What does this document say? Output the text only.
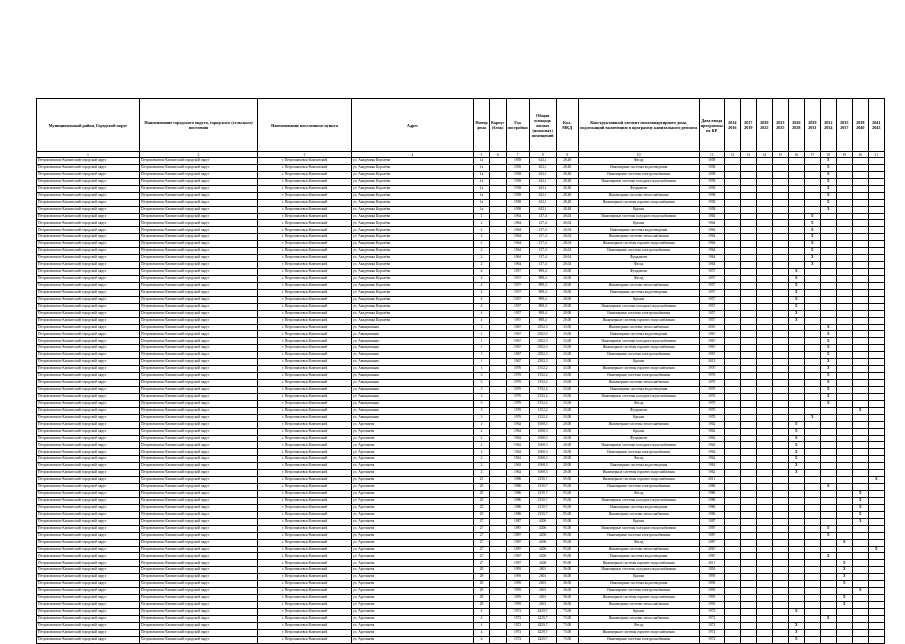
Муниципальный район, Городской округ	Наименование городского округа, городского (сельского) поселения	Наименование населенного пункта	Адрес	Номер дома	Корпус (блок)	Год постройки	Общая площадь жилых (нежилых) помещений	Кол. МКД	Конструктивный элемент многоквартирного дома, подлежащий включению в программу капитального ремонта	Дата ввода программы их КР	2014 2016	2017 2019	2020 2022	2023 2025	2026 2028	2029 2031	2032 2034	2035 2037	2038 2040	2041 2043
1	2	3	4	5	6	7	8	9	10	11	12	13	14	15	16	17	18	19	20	21
Петропавловск-Камчатский городской округ	Петропавловск-Камчатский городской округ	г. Петропавловск-Камчатский	ул. Академика Королёва	1а		1958	623,1	28,48	Фасад	1958							X			
Петропавловск-Камчатский городской округ	Петропавловск-Камчатский городской округ	г. Петропавловск-Камчатский	ул. Академика Королёва	1а		1958	623,1	28,48	Инженерные системы водоотведения	1958							X			
Петропавловск-Камчатский городской округ	Петропавловск-Камчатский городской округ	г. Петропавловск-Камчатский	ул. Академика Королёва	1а		1958	623,1	28,48	Инженерные системы электроснабжения	1958							X			
Петропавловск-Камчатский городской округ	Петропавловск-Камчатский городской округ	г. Петропавловск-Камчатский	ул. Академика Королёва	1а		1958	623,1	28,48	Инженерные системы холодного водоснабжения	1958							X			
Петропавловск-Камчатский городской округ	Петропавловск-Камчатский городской округ	г. Петропавловск-Камчатский	ул. Академика Королёва	1а		1958	623,1	28,48	Фундамент	1958							X			
Петропавловск-Камчатский городской округ	Петропавловск-Камчатский городской округ	г. Петропавловск-Камчатский	ул. Академика Королёва	1а		1958	623,1	28,48	Инженерные системы теплоснабжения	1958							X			
Петропавловск-Камчатский городской округ	Петропавловск-Камчатский городской округ	г. Петропавловск-Камчатский	ул. Академика Королёва	1а		1958	623,1	28,48	Инженерные системы горячего водоснабжения	1958							X			
Петропавловск-Камчатский городской округ	Петропавловск-Камчатский городской округ	г. Петропавловск-Камчатский	ул. Академика Королёва	1а		1958	623,1	28,48	Крыша	1958							X			
Петропавловск-Камчатский городской округ	Петропавловск-Камчатский городской округ	г. Петропавловск-Камчатский	ул. Академика Королёва	2		1964	137,4	26,04	Инженерные системы холодного водоснабжения	1964						X				
Петропавловск-Камчатский городской округ	Петропавловск-Камчатский городской округ	г. Петропавловск-Камчатский	ул. Академика Королёва	2		1964	137,4	26,04	Крыша	1964						X				
Петропавловск-Камчатский городской округ	Петропавловск-Камчатский городской округ	г. Петропавловск-Камчатский	ул. Академика Королёва	2		1964	137,4	26,04	Инженерные системы водоотведения	1964						X				
Петропавловск-Камчатский городской округ	Петропавловск-Камчатский городской округ	г. Петропавловск-Камчатский	ул. Академика Королёва	2		1964	137,4	26,04	Инженерные системы теплоснабжения	1964						X				
Петропавловск-Камчатский городской округ	Петропавловск-Камчатский городской округ	г. Петропавловск-Камчатский	ул. Академика Королёва	2		1964	137,4	26,04	Инженерные системы горячего водоснабжения	1964						X				
Петропавловск-Камчатский городской округ	Петропавловск-Камчатский городской округ	г. Петропавловск-Камчатский	ул. Академика Королёва	2		1964	137,4	26,04	Инженерные системы электроснабжения	1964						X				
Петропавловск-Камчатский городской округ	Петропавловск-Камчатский городской округ	г. Петропавловск-Камчатский	ул. Академика Королёва	2		1964	137,4	26,04	Фундамент	1964						X				
Петропавловск-Камчатский городской округ	Петропавловск-Камчатский городской округ	г. Петропавловск-Камчатский	ул. Академика Королёва	2		1964	137,4	26,04	Фасад	1964						X				
Петропавловск-Камчатский городской округ	Петропавловск-Камчатский городской округ	г. Петропавловск-Камчатский	ул. Академика Королёва	4		1957	898,4	20,00	Фундамент	1957					X					
Петропавловск-Камчатский городской округ	Петропавловск-Камчатский городской округ	г. Петропавловск-Камчатский	ул. Академика Королёва	4		1957	898,4	20,00	Фасад	1957					X					
Петропавловск-Камчатский городской округ	Петропавловск-Камчатский городской округ	г. Петропавловск-Камчатский	ул. Академика Королёва	4		1957	898,4	20,00	Инженерные системы теплоснабжения	1957					X					
Петропавловск-Камчатский городской округ	Петропавловск-Камчатский городской округ	г. Петропавловск-Камчатский	ул. Академика Королёва	4		1957	898,4	20,00	Инженерные системы водоотведения	1957					X					
Петропавловск-Камчатский городской округ	Петропавловск-Камчатский городской округ	г. Петропавловск-Камчатский	ул. Академика Королёва	4		1957	898,4	20,00	Крыша	1957					X					
Петропавловск-Камчатский городской округ	Петропавловск-Камчатский городской округ	г. Петропавловск-Камчатский	ул. Академика Королёва	4		1957	898,4	20,00	Инженерные системы холодного водоснабжения	1957					X					
Петропавловск-Камчатский городской округ	Петропавловск-Камчатский городской округ	г. Петропавловск-Камчатский	ул. Академика Королёва	4		1957	898,4	20,00	Инженерные системы электроснабжения	1957					X					
Петропавловск-Камчатский городской округ	Петропавловск-Камчатский городской округ	г. Петропавловск-Камчатский	ул. Академика Королёва	4		1957	898,4	20,00	Инженерные системы горячего водоснабжения	1957					X					
Петропавловск-Камчатский городской округ	Петропавловск-Камчатский городской округ	г. Петропавловск-Камчатский	ул. Авиационная	1		1967	2502,3	33,00	Инженерные системы теплоснабжения	2010							X			
Петропавловск-Камчатский городской округ	Петропавловск-Камчатский городской округ	г. Петропавловск-Камчатский	ул. Авиационная	1		1967	2502,3	33,00	Инженерные системы водоотведения	1967							X			
Петропавловск-Камчатский городской округ	Петропавловск-Камчатский городской округ	г. Петропавловск-Камчатский	ул. Авиационная	1		1967	2502,3	33,00	Инженерные системы холодного водоснабжения	1967							X			
Петропавловск-Камчатский городской округ	Петропавловск-Камчатский городской округ	г. Петропавловск-Камчатский	ул. Авиационная	1		1967	2502,3	33,00	Инженерные системы горячего водоснабжения	1967							X			
Петропавловск-Камчатский городской округ	Петропавловск-Камчатский городской округ	г. Петропавловск-Камчатский	ул. Авиационная	1		1967	2502,3	33,00	Инженерные системы электроснабжения	1967							X			
Петропавловск-Камчатский городской округ	Петропавловск-Камчатский городской округ	г. Петропавловск-Камчатский	ул. Авиационная	1		1967	2502,3	33,00	Крыша	2013							X			
Петропавловск-Камчатский городской округ	Петропавловск-Камчатский городской округ	г. Петропавловск-Камчатский	ул. Авиационная	3		1970	1552,2	33,00	Инженерные системы горячего водоснабжения	1970							X			
Петропавловск-Камчатский городской округ	Петропавловск-Камчатский городской округ	г. Петропавловск-Камчатский	ул. Авиационная	3		1970	1552,2	33,00	Инженерные системы электроснабжения	1970							X			
Петропавловск-Камчатский городской округ	Петропавловск-Камчатский городской округ	г. Петропавловск-Камчатский	ул. Авиационная	3		1970	1552,2	33,00	Инженерные системы теплоснабжения	1970							X			
Петропавловск-Камчатский городской округ	Петропавловск-Камчатский городской округ	г. Петропавловск-Камчатский	ул. Авиационная	3		1970	1552,2	33,00	Инженерные системы водоотведения	1970							X			
Петропавловск-Камчатский городской округ	Петропавловск-Камчатский городской округ	г. Петропавловск-Камчатский	ул. Авиационная	3		1970	1552,2	33,00	Инженерные системы холодного водоснабжения	1970							X			
Петропавловск-Камчатский городской округ	Петропавловск-Камчатский городской округ	г. Петропавловск-Камчатский	ул. Авиационная	3		1970	1552,2	33,00	Фасад	1970							X			
Петропавловск-Камчатский городской округ	Петропавловск-Камчатский городской округ	г. Петропавловск-Камчатский	ул. Авиационная	3		1970	1552,2	33,00	Фундамент	1970									X	
Петропавловск-Камчатский городской округ	Петропавловск-Камчатский городской округ	г. Петропавловск-Камчатский	ул. Авиационная	3		1970	1552,2	33,00	Крыша	1970						X				
Петропавловск-Камчатский городской округ	Петропавловск-Камчатский городской округ	г. Петропавловск-Камчатский	ул. Арсеньева	2		1962	1068,3	20,00	Инженерные системы теплоснабжения	1962					X					
Петропавловск-Камчатский городской округ	Петропавловск-Камчатский городской округ	г. Петропавловск-Камчатский	ул. Арсеньева	2		1962	1068,3	20,00	Крыша	1962					X					
Петропавловск-Камчатский городской округ	Петропавловск-Камчатский городской округ	г. Петропавловск-Камчатский	ул. Арсеньева	2		1962	1068,3	20,00	Фундамент	1962					X					
Петропавловск-Камчатский городской округ	Петропавловск-Камчатский городской округ	г. Петропавловск-Камчатский	ул. Арсеньева	2		1962	1068,3	20,00	Инженерные системы холодного водоснабжения	1962					X					
Петропавловск-Камчатский городской округ	Петропавловск-Камчатский городской округ	г. Петропавловск-Камчатский	ул. Арсеньева	2		1962	1068,3	20,00	Инженерные системы электроснабжения	1962					X					
Петропавловск-Камчатский городской округ	Петропавловск-Камчатский городской округ	г. Петропавловск-Камчатский	ул. Арсеньева	2		1962	1068,3	20,00	Фасад	1962					X					
Петропавловск-Камчатский городской округ	Петропавловск-Камчатский городской округ	г. Петропавловск-Камчатский	ул. Арсеньева	2		1962	1068,3	20,00	Инженерные системы водоотведения	1962					X					
Петропавловск-Камчатский городской округ	Петропавловск-Камчатский городской округ	г. Петропавловск-Камчатский	ул. Арсеньева	2		1962	1068,3	20,00	Инженерные системы горячего водоснабжения	1962					X					
Петропавловск-Камчатский городской округ	Петропавловск-Камчатский городской округ	г. Петропавловск-Камчатский	ул. Арсеньева	25		1986	2150,7	95,00	Инженерные системы горячего водоснабжения	2011										X
Петропавловск-Камчатский городской округ	Петропавловск-Камчатский городской округ	г. Петропавловск-Камчатский	ул. Арсеньева	25		1986	2150,7	95,00	Инженерные системы электроснабжения	1986							X			
Петропавловск-Камчатский городской округ	Петропавловск-Камчатский городской округ	г. Петропавловск-Камчатский	ул. Арсеньева	25		1986	2150,7	95,00	Фасад	1986									X	
Петропавловск-Камчатский городской округ	Петропавловск-Камчатский городской округ	г. Петропавловск-Камчатский	ул. Арсеньева	25		1986	2150,7	95,00	Инженерные системы холодного водоснабжения	1986									X	
Петропавловск-Камчатский городской округ	Петропавловск-Камчатский городской округ	г. Петропавловск-Камчатский	ул. Арсеньева	25		1986	2150,7	95,00	Инженерные системы водоотведения	1986									X	
Петропавловск-Камчатский городской округ	Петропавловск-Камчатский городской округ	г. Петропавловск-Камчатский	ул. Арсеньева	25		1986	2150,7	95,00	Инженерные системы теплоснабжения	1986									X	
Петропавловск-Камчатский городской округ	Петропавловск-Камчатский городской округ	г. Петропавловск-Камчатский	ул. Арсеньева	27		1987	4206	95,00	Крыша	1987									X	
Петропавловск-Камчатский городской округ	Петропавловск-Камчатский городской округ	г. Петропавловск-Камчатский	ул. Арсеньева	27		1987	4206	95,00	Инженерные системы холодного водоснабжения	1987							X			
Петропавловск-Камчатский городской округ	Петропавловск-Камчатский городской округ	г. Петропавловск-Камчатский	ул. Арсеньева	27		1987	4206	95,00	Инженерные системы электроснабжения	1987							X			
Петропавловск-Камчатский городской округ	Петропавловск-Камчатский городской округ	г. Петропавловск-Камчатский	ул. Арсеньева	27		1987	4206	95,00	Фасад	1987								X		
Петропавловск-Камчатский городской округ	Петропавловск-Камчатский городской округ	г. Петропавловск-Камчатский	ул. Арсеньева	27		1987	4206	95,00	Инженерные системы теплоснабжения	2010										X
Петропавловск-Камчатский городской округ	Петропавловск-Камчатский городской округ	г. Петропавловск-Камчатский	ул. Арсеньева	27		1987	4206	95,00	Инженерные системы водоотведения	1987							X			
Петропавловск-Камчатский городской округ	Петропавловск-Камчатский городской округ	г. Петропавловск-Камчатский	ул. Арсеньева	27		1987	4206	95,00	Инженерные системы горячего водоснабжения	2011								X		
Петропавловск-Камчатский городской округ	Петропавловск-Камчатский городской округ	г. Петропавловск-Камчатский	ул. Арсеньева	29		1995	2601	36,00	Инженерные системы холодного водоснабжения	1995								X		
Петропавловск-Камчатский городской округ	Петропавловск-Камчатский городской округ	г. Петропавловск-Камчатский	ул. Арсеньева	29		1995	2601	36,00	Крыша	1995								X		
Петропавловск-Камчатский городской округ	Петропавловск-Камчатский городской округ	г. Петропавловск-Камчатский	ул. Арсеньева	29		1995	2601	36,00	Инженерные системы водоотведения	1995								X		
Петропавловск-Камчатский городской округ	Петропавловск-Камчатский городской округ	г. Петропавловск-Камчатский	ул. Арсеньева	29		1995	2601	36,00	Инженерные системы электроснабжения	1995									X	
Петропавловск-Камчатский городской округ	Петропавловск-Камчатский городской округ	г. Петропавловск-Камчатский	ул. Арсеньева	29		1995	2601	36,00	Инженерные системы горячего водоснабжения	1995								X		
Петропавловск-Камчатский городской округ	Петропавловск-Камчатский городской округ	г. Петропавловск-Камчатский	ул. Арсеньева	29		1995	2601	36,00	Инженерные системы теплоснабжения	1995								X		
Петропавловск-Камчатский городской округ	Петропавловск-Камчатский городской округ	г. Петропавловск-Камчатский	ул. Арсеньева	4		1972	4229,7	73,00	Крыша	1972					X					
Петропавловск-Камчатский городской округ	Петропавловск-Камчатский городской округ	г. Петропавловск-Камчатский	ул. Арсеньева	4		1972	4229,7	73,00	Инженерные системы теплоснабжения	1972							X			
Петропавловск-Камчатский городской округ	Петропавловск-Камчатский городской округ	г. Петропавловск-Камчатский	ул. Арсеньева	4		1972	4229,7	73,00	Фасад	1972					X					
Петропавловск-Камчатский городской округ	Петропавловск-Камчатский городской округ	г. Петропавловск-Камчатский	ул. Арсеньева	4		1972	4229,7	73,00	Инженерные системы горячего водоснабжения	1972					X					
Петропавловск-Камчатский городской округ	Петропавловск-Камчатский городской округ	г. Петропавловск-Камчатский	ул. Арсеньева	4		1972	4229,7	73,00	Инженерные системы электроснабжения	1972					X					
